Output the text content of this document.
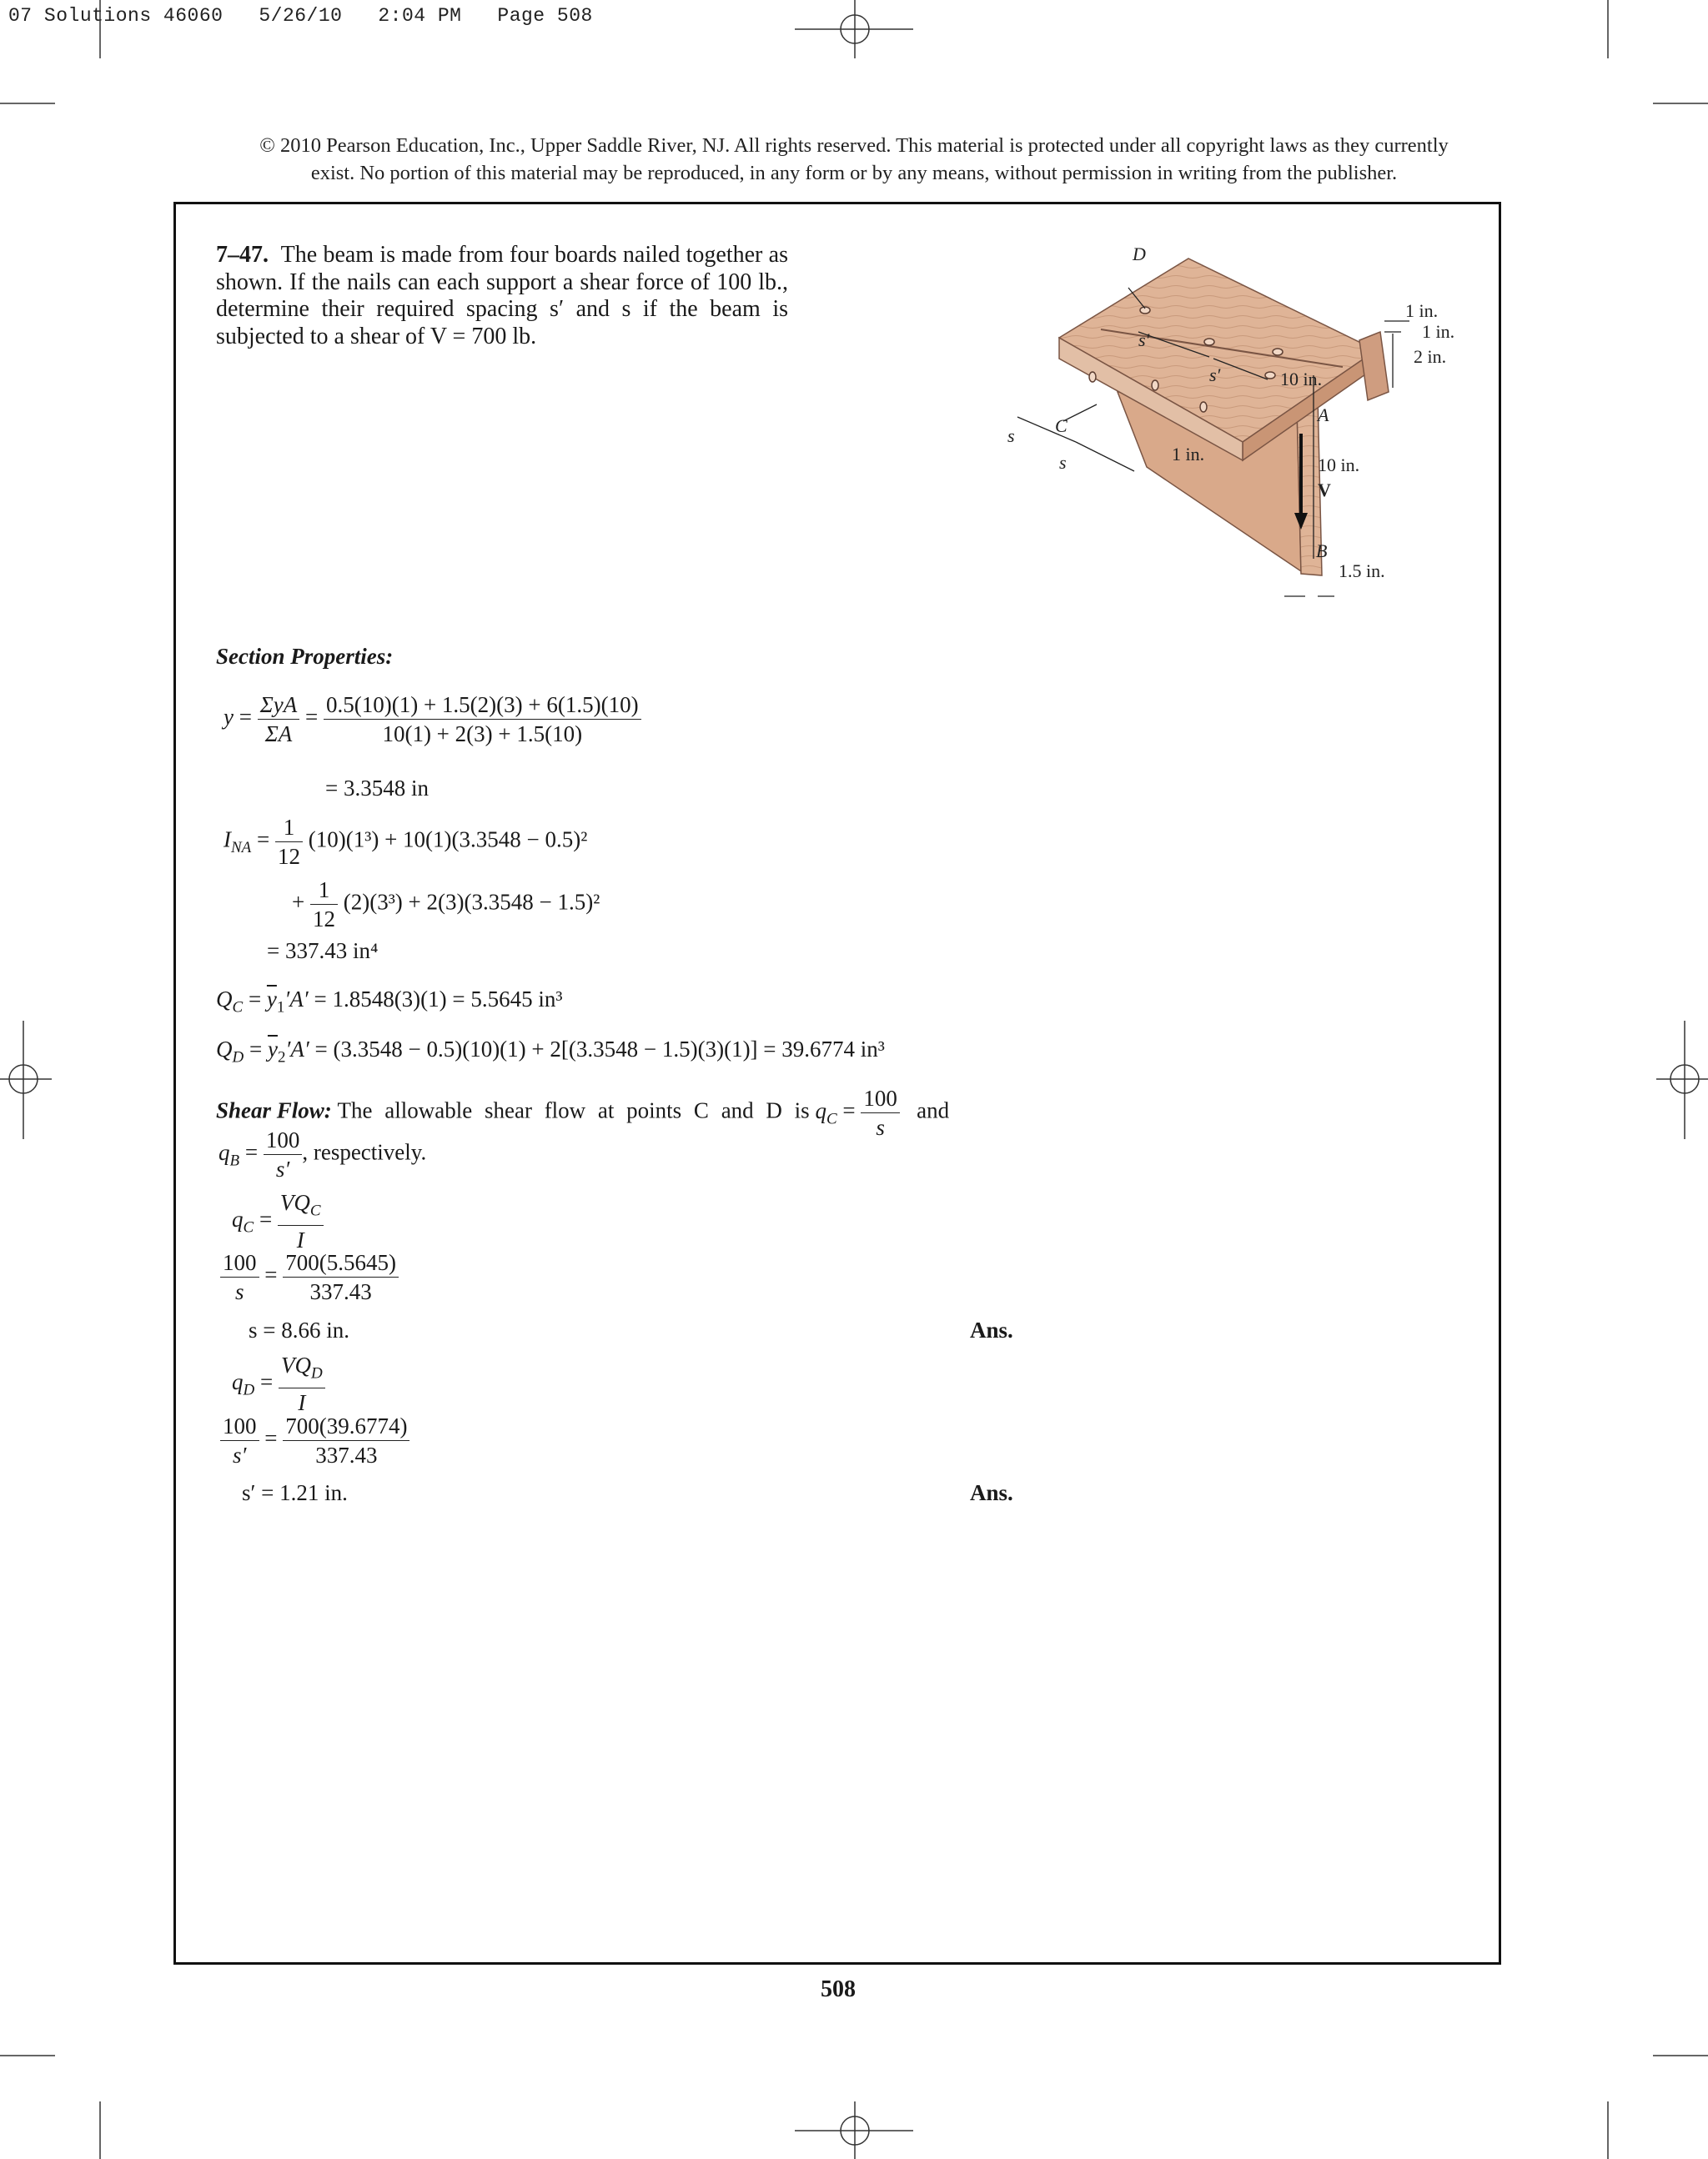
07 Solutions 46060   5/26/10   2:04 PM   Page 508
© 2010 Pearson Education, Inc., Upper Saddle River, NJ. All rights reserved. This material is protected under all copyright laws as they currently
exist. No portion of this material may be reproduced, in any form or by any means, without permission in writing from the publisher.
7–47. The beam is made from four boards nailed together as shown. If the nails can each support a shear force of 100 lb., determine their required spacing s′ and s if the beam is subjected to a shear of V = 700 lb.
D
C
A
B
V
s′
s′
s
s
10 in.
1 in.
1 in.
2 in.
1 in.
10 in.
1.5 in.
Section Properties:
$y = \frac{\text{ΣyA}}{\Sigma A} = \frac{0.5(10)(1) + 1.5(2)(3) + 6(1.5)(10)}{10(1) + 2(3) + 1.5(10)}$
= 3.3548 in
$I_{NA} = \frac{1}{12} (10)(1^3) + 10(1)(3.3548 - 0.5)^2$
+ $\frac{1}{12} (2)(3^3) + 2(3)(3.3548 - 1.5)^2$
= 337.43 in⁴
$Q_C = \overline{y}_1'A' = 1.8548(3)(1) = 5.5645$ in³
$Q_D = \overline{y}_2'A' = (3.3548 - 0.5)(10)(1) + 2[(3.3548 - 1.5)(3)(1)] = 39.6774$ in³
Shear Flow: The allowable shear flow at points C and D is $q_C = \frac{100}{s}$ and
$q_B = \frac{100}{s'}$ , respectively.
$q_C = \frac{VQ_C}{I}$
$\frac{100}{s} = \frac{700(5.5645)}{337.43}$
s = 8.66 in.	Ans.
$q_D = \frac{VQ_D}{I}$
$\frac{100}{s'} = \frac{700(39.6774)}{337.43}$
s′ = 1.21 in.	Ans.
508
